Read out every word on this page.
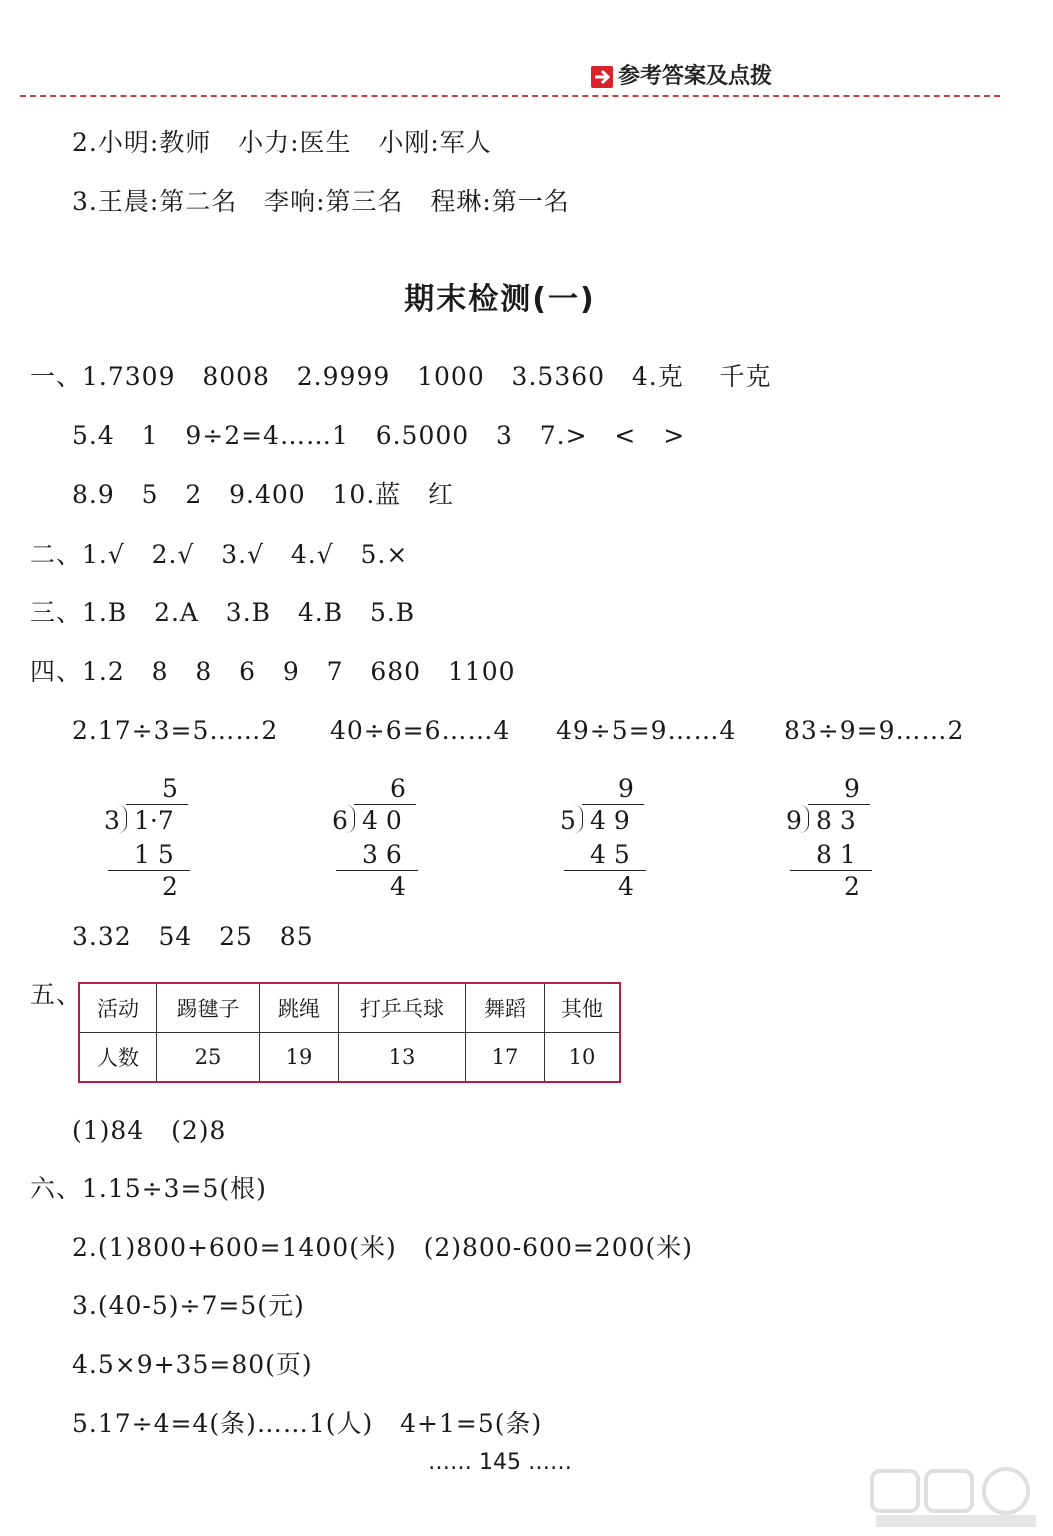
参考答案及点拨
2.小明:教师   小力:医生   小刚:军人
3.王晨:第二名   李响:第三名   程琳:第一名
期末检测(一)
一、1.7309   8008   2.9999   1000   3.5360   4.克    千克
5.4   1   9÷2=4……1   6.5000   3   7.>   <   >
8.9   5   2   9.400   10.蓝   红
二、1.√   2.√   3.√   4.√   5.×
三、1.B   2.A   3.B   4.B   5.B
四、1.2   8   8   6   9   7   680   1100
2.17÷3=5……2 40÷6=6……4 49÷5=9……4 83÷9=9……2
5
3 1·7
1 5
2
6
6 4 0
3 6
4
9
5 4 9
4 5
4
9
9 8 3
8 1
2
3.32   54   25   85
五、 活动	踢毽子	跳绳	打乒乓球	舞蹈	其他
人数	25	19	13	17	10
(1)84   (2)8
六、1.15÷3=5(根)
2.(1)800+600=1400(米)   (2)800-600=200(米)
3.(40-5)÷7=5(元)
4.5×9+35=80(页)
5.17÷4=4(条)……1(人)   4+1=5(条)
…… 145 ……
